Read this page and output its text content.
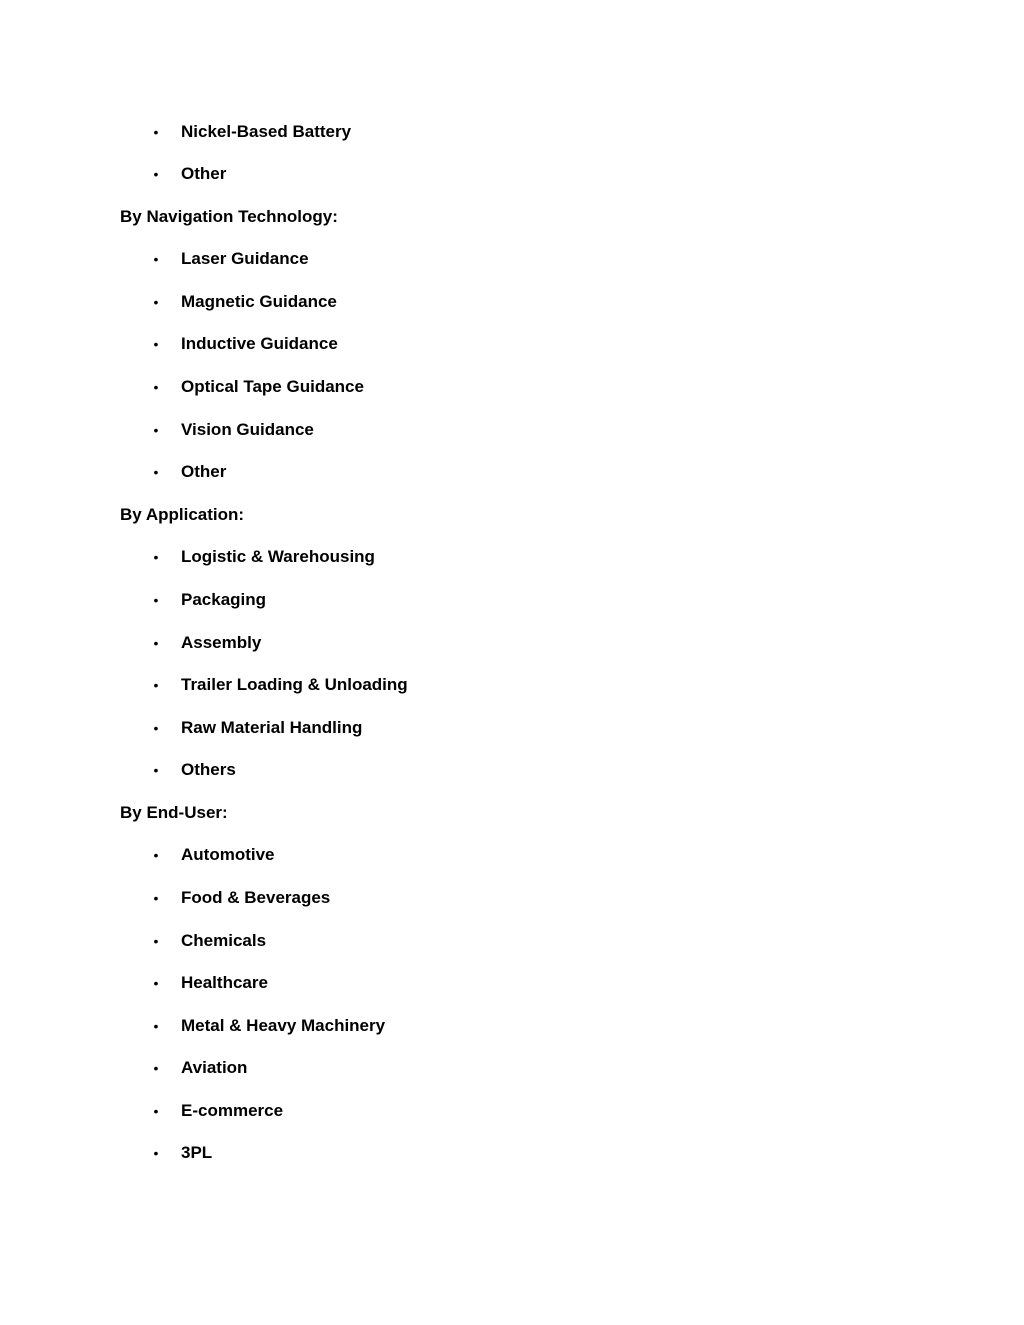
• Nickel-Based Battery
• Other
By Navigation Technology:
• Laser Guidance
• Magnetic Guidance
• Inductive Guidance
• Optical Tape Guidance
• Vision Guidance
• Other
By Application:
• Logistic & Warehousing
• Packaging
• Assembly
• Trailer Loading & Unloading
• Raw Material Handling
• Others
By End-User:
• Automotive
• Food & Beverages
• Chemicals
• Healthcare
• Metal & Heavy Machinery
• Aviation
• E-commerce
• 3PL
